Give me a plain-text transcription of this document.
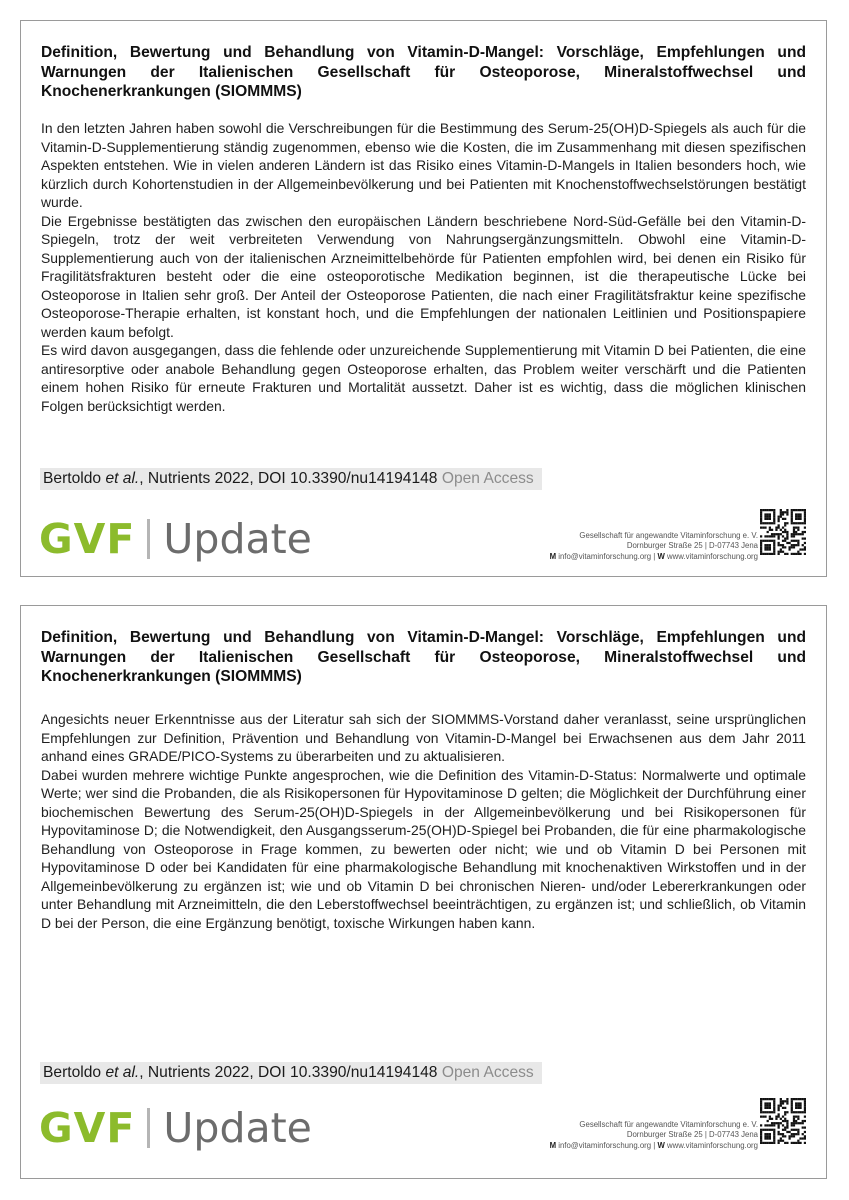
Definition, Bewertung und Behandlung von Vitamin-D-Mangel: Vorschläge, Empfehlungen und Warnungen der Italienischen Gesellschaft für Osteoporose, Mineralstoffwechsel und Knochenerkrankungen (SIOMMMS)

In den letzten Jahren haben sowohl die Verschreibungen für die Bestimmung des Serum-25(OH)D-Spiegels als auch für die Vitamin-D-Supplementierung ständig zugenommen, ebenso wie die Kosten, die im Zusammenhang mit diesen spezifischen Aspekten entstehen. Wie in vielen anderen Ländern ist das Risiko eines Vitamin-D-Mangels in Italien besonders hoch, wie kürzlich durch Kohortenstudien in der Allgemeinbevölkerung und bei Patienten mit Knochenstoffwechselstörungen bestätigt wurde.

Die Ergebnisse bestätigten das zwischen den europäischen Ländern beschriebene Nord-Süd-Gefälle bei den Vitamin-D-Spiegeln, trotz der weit verbreiteten Verwendung von Nahrungsergänzungsmitteln. Obwohl eine Vitamin-D-Supplementierung auch von der italienischen Arzneimittelbehörde für Patienten empfohlen wird, bei denen ein Risiko für Fragilitätsfrakturen besteht oder die eine osteoporotische Medikation beginnen, ist die therapeutische Lücke bei Osteoporose in Italien sehr groß. Der Anteil der Osteoporose Patienten, die nach einer Fragilitätsfraktur keine spezifische Osteoporose-Therapie erhalten, ist konstant hoch, und die Empfehlungen der nationalen Leitlinien und Positionspapiere werden kaum befolgt.

Es wird davon ausgegangen, dass die fehlende oder unzureichende Supplementierung mit Vitamin D bei Patienten, die eine antiresorptive oder anabole Behandlung gegen Osteoporose erhalten, das Problem weiter verschärft und die Patienten einem hohen Risiko für erneute Frakturen und Mortalität aussetzt. Daher ist es wichtig, dass die möglichen klinischen Folgen berücksichtigt werden.

Bertoldo et al., Nutrients 2022, DOI 10.3390/nu14194148 Open Access
GVF Update	Gesellschaft für angewandte Vitaminforschung e. V.
Dornburger Straße 25 | D-07743 Jena
M info@vitaminforschung.org | W www.vitaminforschung.org
Definition, Bewertung und Behandlung von Vitamin-D-Mangel: Vorschläge, Empfehlungen und Warnungen der Italienischen Gesellschaft für Osteoporose, Mineralstoffwechsel und Knochenerkrankungen (SIOMMMS)

Angesichts neuer Erkenntnisse aus der Literatur sah sich der SIOMMMS-Vorstand daher veranlasst, seine ursprünglichen Empfehlungen zur Definition, Prävention und Behandlung von Vitamin-D-Mangel bei Erwachsenen aus dem Jahr 2011 anhand eines GRADE/PICO-Systems zu überarbeiten und zu aktualisieren.

Dabei wurden mehrere wichtige Punkte angesprochen, wie die Definition des Vitamin-D-Status: Normalwerte und optimale Werte; wer sind die Probanden, die als Risikopersonen für Hypovitaminose D gelten; die Möglichkeit der Durchführung einer biochemischen Bewertung des Serum-25(OH)D-Spiegels in der Allgemeinbevölkerung und bei Risikopersonen für Hypovitaminose D; die Notwendigkeit, den Ausgangsserum-25(OH)D-Spiegel bei Probanden, die für eine pharmakologische Behandlung von Osteoporose in Frage kommen, zu bewerten oder nicht; wie und ob Vitamin D bei Personen mit Hypovitaminose D oder bei Kandidaten für eine pharmakologische Behandlung mit knochenaktiven Wirkstoffen und in der Allgemeinbevölkerung zu ergänzen ist; wie und ob Vitamin D bei chronischen Nieren- und/oder Lebererkrankungen oder unter Behandlung mit Arzneimitteln, die den Leberstoffwechsel beeinträchtigen, zu ergänzen ist; und schließlich, ob Vitamin D bei der Person, die eine Ergänzung benötigt, toxische Wirkungen haben kann.

Bertoldo et al., Nutrients 2022, DOI 10.3390/nu14194148 Open Access
GVF Update	Gesellschaft für angewandte Vitaminforschung e. V.
Dornburger Straße 25 | D-07743 Jena
M info@vitaminforschung.org | W www.vitaminforschung.org
